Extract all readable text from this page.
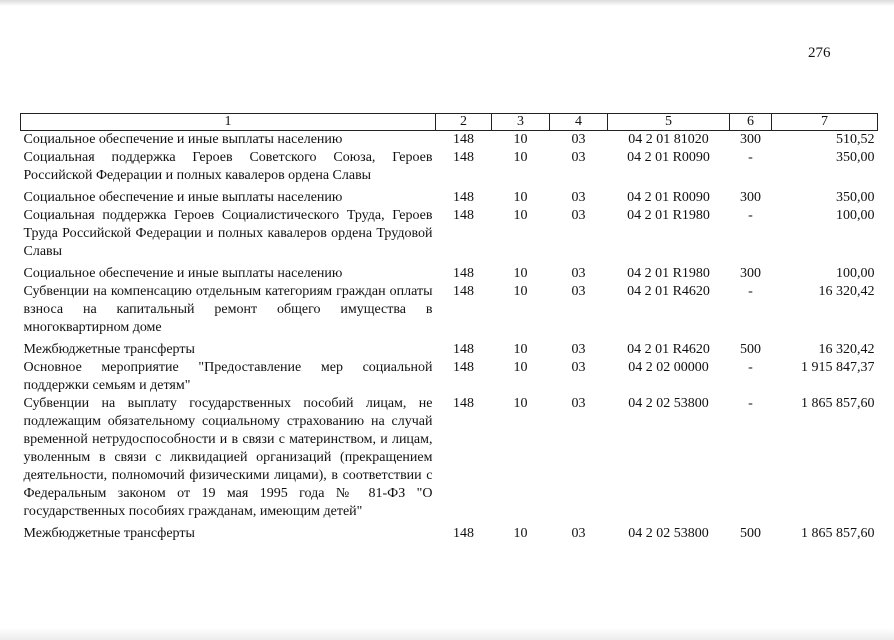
276
1	2	3	4	5	6	7
Социальное обеспечение и иные выплаты населению	148	10	03	04 2 01 81020	300	510,52
Социальная поддержка Героев Советского Союза, Героев Российской Федерации и полных кавалеров ордена Славы	148	10	03	04 2 01 R0090	-	350,00
Социальное обеспечение и иные выплаты населению	148	10	03	04 2 01 R0090	300	350,00
Социальная поддержка Героев Социалистического Труда, Героев Труда Российской Федерации и полных кавалеров ордена Трудовой Славы	148	10	03	04 2 01 R1980	-	100,00
Социальное обеспечение и иные выплаты населению	148	10	03	04 2 01 R1980	300	100,00
Субвенции на компенсацию отдельным категориям граждан оплаты взноса на капитальный ремонт общего имущества в многоквартирном доме	148	10	03	04 2 01 R4620	-	16 320,42
Межбюджетные трансферты	148	10	03	04 2 01 R4620	500	16 320,42
Основное мероприятие "Предоставление мер социальной поддержки семьям и детям"	148	10	03	04 2 02 00000	-	1 915 847,37
Субвенции на выплату государственных пособий лицам, не подлежащим обязательному социальному страхованию на случай временной нетрудоспособности и в связи с материнством, и лицам, уволенным в связи с ликвидацией организаций (прекращением деятельности, полномочий физическими лицами), в соответствии с Федеральным законом от 19 мая 1995 года № 81-ФЗ "О государственных пособиях гражданам, имеющим детей"	148	10	03	04 2 02 53800	-	1 865 857,60
Межбюджетные трансферты	148	10	03	04 2 02 53800	500	1 865 857,60
